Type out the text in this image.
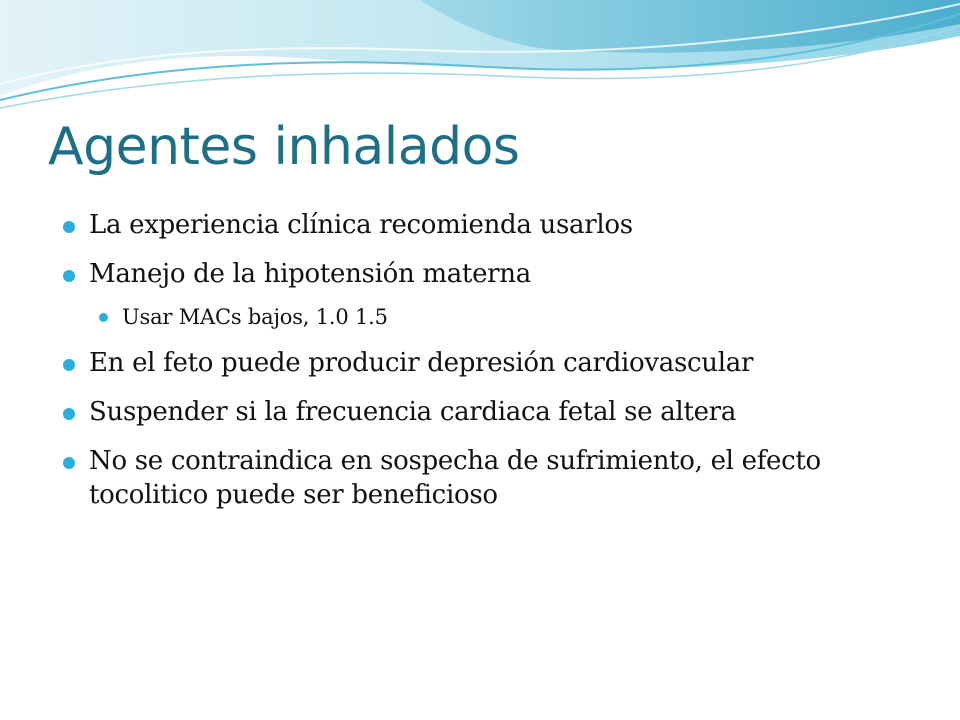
Agentes inhalados
La experiencia clínica recomienda usarlos
Manejo de la hipotensión materna
Usar MACs bajos, 1.0 1.5
En el feto puede producir depresión cardiovascular
Suspender si la frecuencia cardiaca fetal se altera
No se contraindica en sospecha de sufrimiento, el efecto tocolitico puede ser beneficioso
